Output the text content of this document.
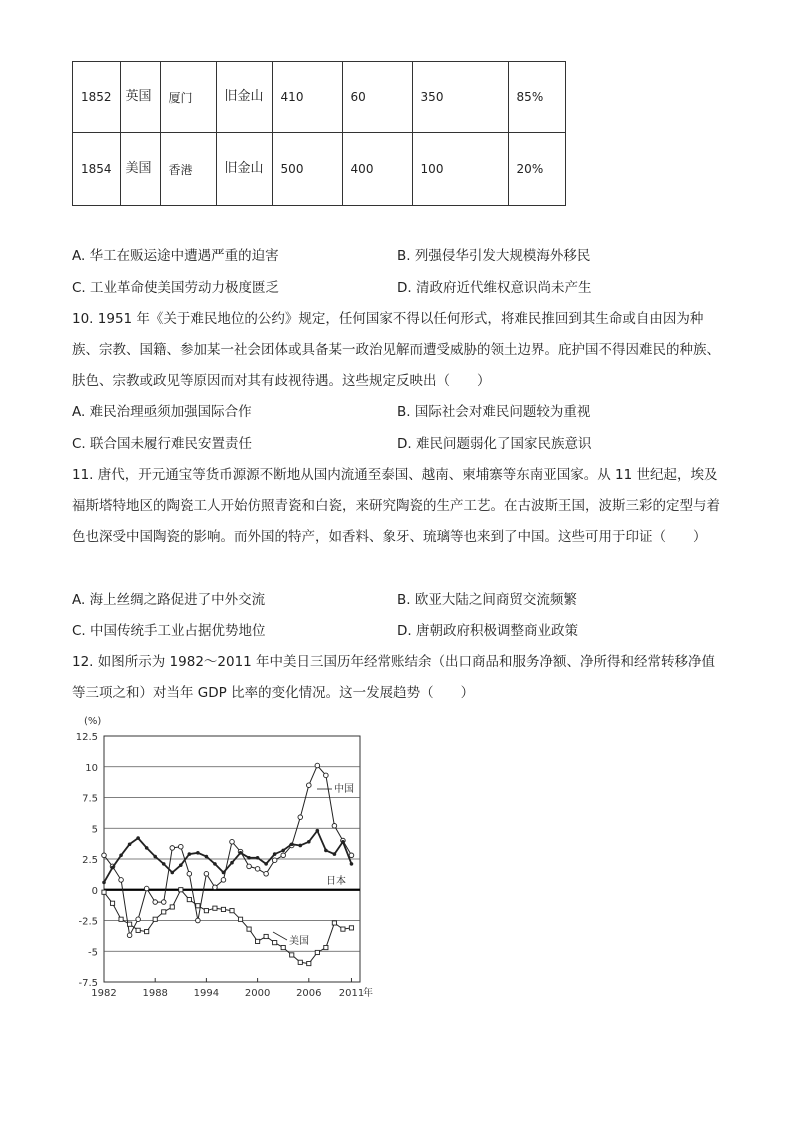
1852	英国	厦门	旧金山	410	60	350	85%
1854	美国	香港	旧金山	500	400	100	20%
A. 华工在贩运途中遭遇严重的迫害	B. 列强侵华引发大规模海外移民
C. 工业革命使美国劳动力极度匮乏	D. 清政府近代维权意识尚未产生
10. 1951 年《关于难民地位的公约》规定，任何国家不得以任何形式，将难民推回到其生命或自由因为种族、宗教、国籍、参加某一社会团体或具备某一政治见解而遭受威胁的领土边界。庇护国不得因难民的种族、肤色、宗教或政见等原因而对其有歧视待遇。这些规定反映出（　　）
A. 难民治理亟须加强国际合作	B. 国际社会对难民问题较为重视
C. 联合国未履行难民安置责任	D. 难民问题弱化了国家民族意识
11. 唐代，开元通宝等货币源源不断地从国内流通至泰国、越南、柬埔寨等东南亚国家。从 11 世纪起，埃及福斯塔特地区的陶瓷工人开始仿照青瓷和白瓷，来研究陶瓷的生产工艺。在古波斯王国，波斯三彩的定型与着色也深受中国陶瓷的影响。而外国的特产，如香料、象牙、琉璃等也来到了中国。这些可用于印证（　　）
A. 海上丝绸之路促进了中外交流	B. 欧亚大陆之间商贸交流频繁
C. 中国传统手工业占据优势地位	D. 唐朝政府积极调整商业政策
12. 如图所示为 1982～2011 年中美日三国历年经常账结余（出口商品和服务净额、净所得和经常转移净值等三项之和）对当年 GDP 比率的变化情况。这一发展趋势（　　）
12.5
10
7.5
5
2.5
0
-2.5
-5
-7.5
1982	1988	1994	2000	2006 2011
(%)
年
中国
日本
美国
